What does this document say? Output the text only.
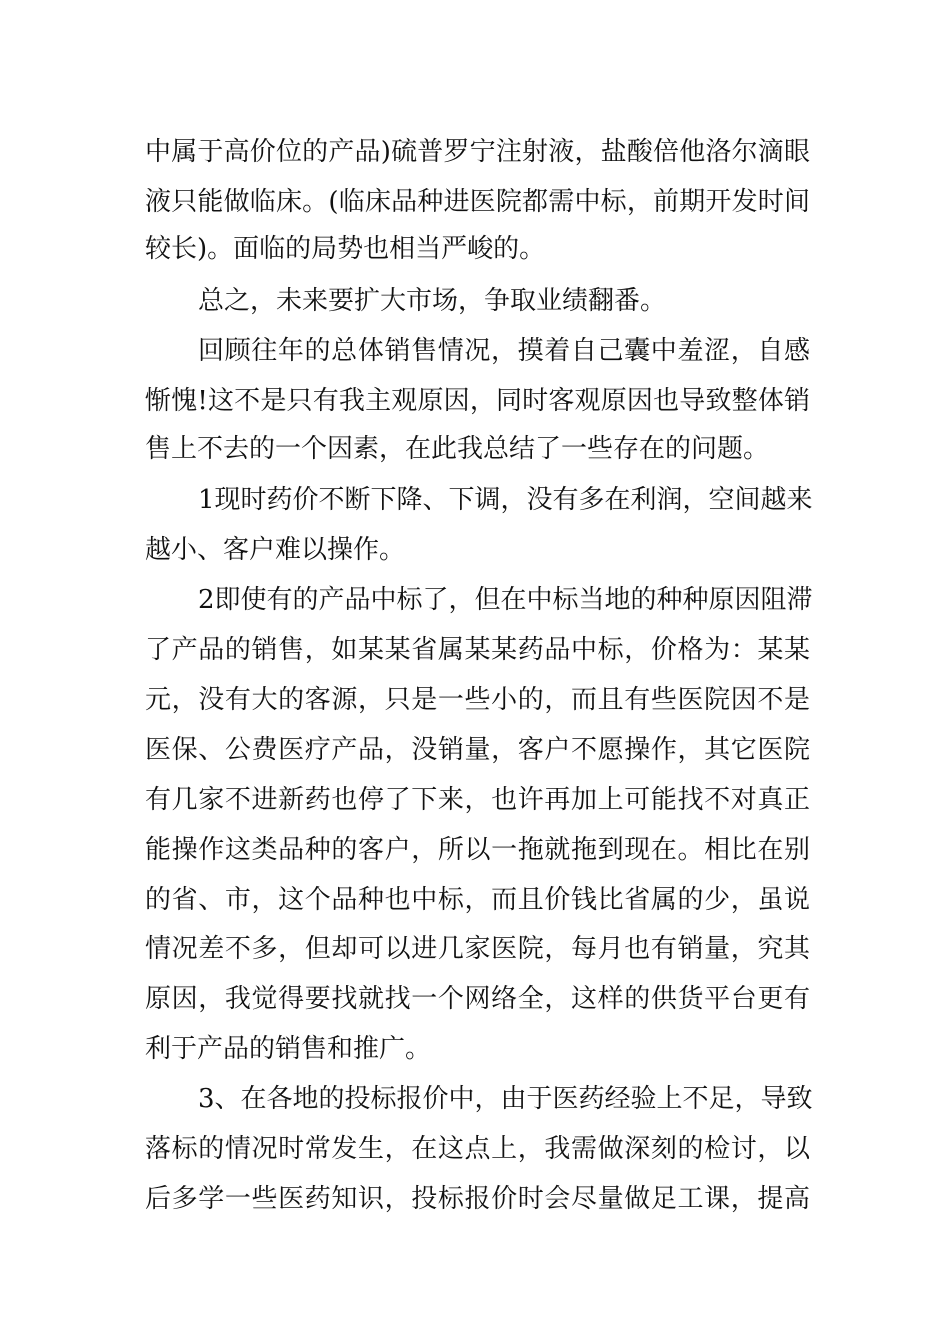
中属于高价位的产品)硫普罗宁注射液，盐酸倍他洛尔滴眼
液只能做临床。(临床品种进医院都需中标，前期开发时间
较长)。面临的局势也相当严峻的。
总之，未来要扩大市场，争取业绩翻番。
回顾往年的总体销售情况，摸着自己囊中羞涩，自感
惭愧!这不是只有我主观原因，同时客观原因也导致整体销
售上不去的一个因素，在此我总结了一些存在的问题。
1现时药价不断下降、下调，没有多在利润，空间越来
越小、客户难以操作。
2即使有的产品中标了，但在中标当地的种种原因阻滞
了产品的销售，如某某省属某某药品中标，价格为：某某
元，没有大的客源，只是一些小的，而且有些医院因不是
医保、公费医疗产品，没销量，客户不愿操作，其它医院
有几家不进新药也停了下来，也许再加上可能找不对真正
能操作这类品种的客户，所以一拖就拖到现在。相比在别
的省、市，这个品种也中标，而且价钱比省属的少，虽说
情况差不多，但却可以进几家医院，每月也有销量，究其
原因，我觉得要找就找一个网络全，这样的供货平台更有
利于产品的销售和推广。
3、在各地的投标报价中，由于医药经验上不足，导致
落标的情况时常发生，在这点上，我需做深刻的检讨，以
后多学一些医药知识，投标报价时会尽量做足工课，提高
